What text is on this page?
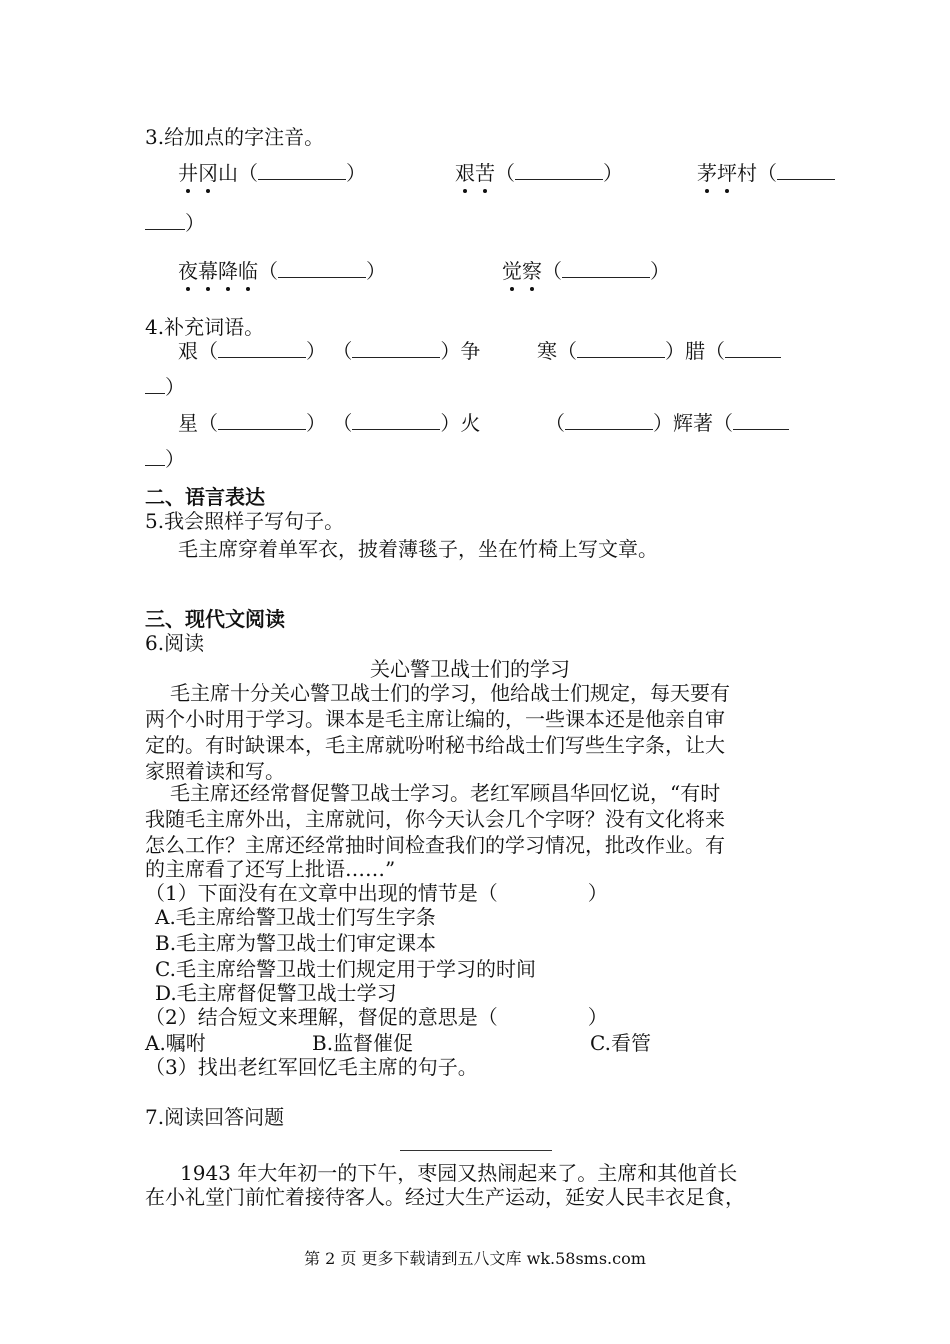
3.给加点的字注音。
井冈山（	）	艰苦（	）	茅坪村（
）
夜幕降临（	）	觉察（	）
4.补充词语。
艰（	） （	）争	寒（	）腊（
）
星（	） （	）火	（	）辉著（
）
二、语言表达
5.我会照样子写句子。
毛主席穿着单军衣，披着薄毯子，坐在竹椅上写文章。
三、现代文阅读
6.阅读
关心警卫战士们的学习
毛主席十分关心警卫战士们的学习，他给战士们规定，每天要有
两个小时用于学习。课本是毛主席让编的，一些课本还是他亲自审
定的。有时缺课本，毛主席就吩咐秘书给战士们写些生字条，让大
家照着读和写。
毛主席还经常督促警卫战士学习。老红军顾昌华回忆说，“有时
我随毛主席外出，主席就问，你今天认会几个字呀？没有文化将来
怎么工作？主席还经常抽时间检查我们的学习情况，批改作业。有
的主席看了还写上批语……”
（1）下面没有在文章中出现的情节是（	）
A.毛主席给警卫战士们写生字条
B.毛主席为警卫战士们审定课本
C.毛主席给警卫战士们规定用于学习的时间
D.毛主席督促警卫战士学习
（2）结合短文来理解，督促的意思是（	）
A.嘱咐	B.监督催促	C.看管
（3）找出老红军回忆毛主席的句子。
7.阅读回答问题
1943 年大年初一的下午，枣园又热闹起来了。主席和其他首长
在小礼堂门前忙着接待客人。经过大生产运动，延安人民丰衣足食，
第 2 页 更多下载请到五八文库 wk.58sms.com
